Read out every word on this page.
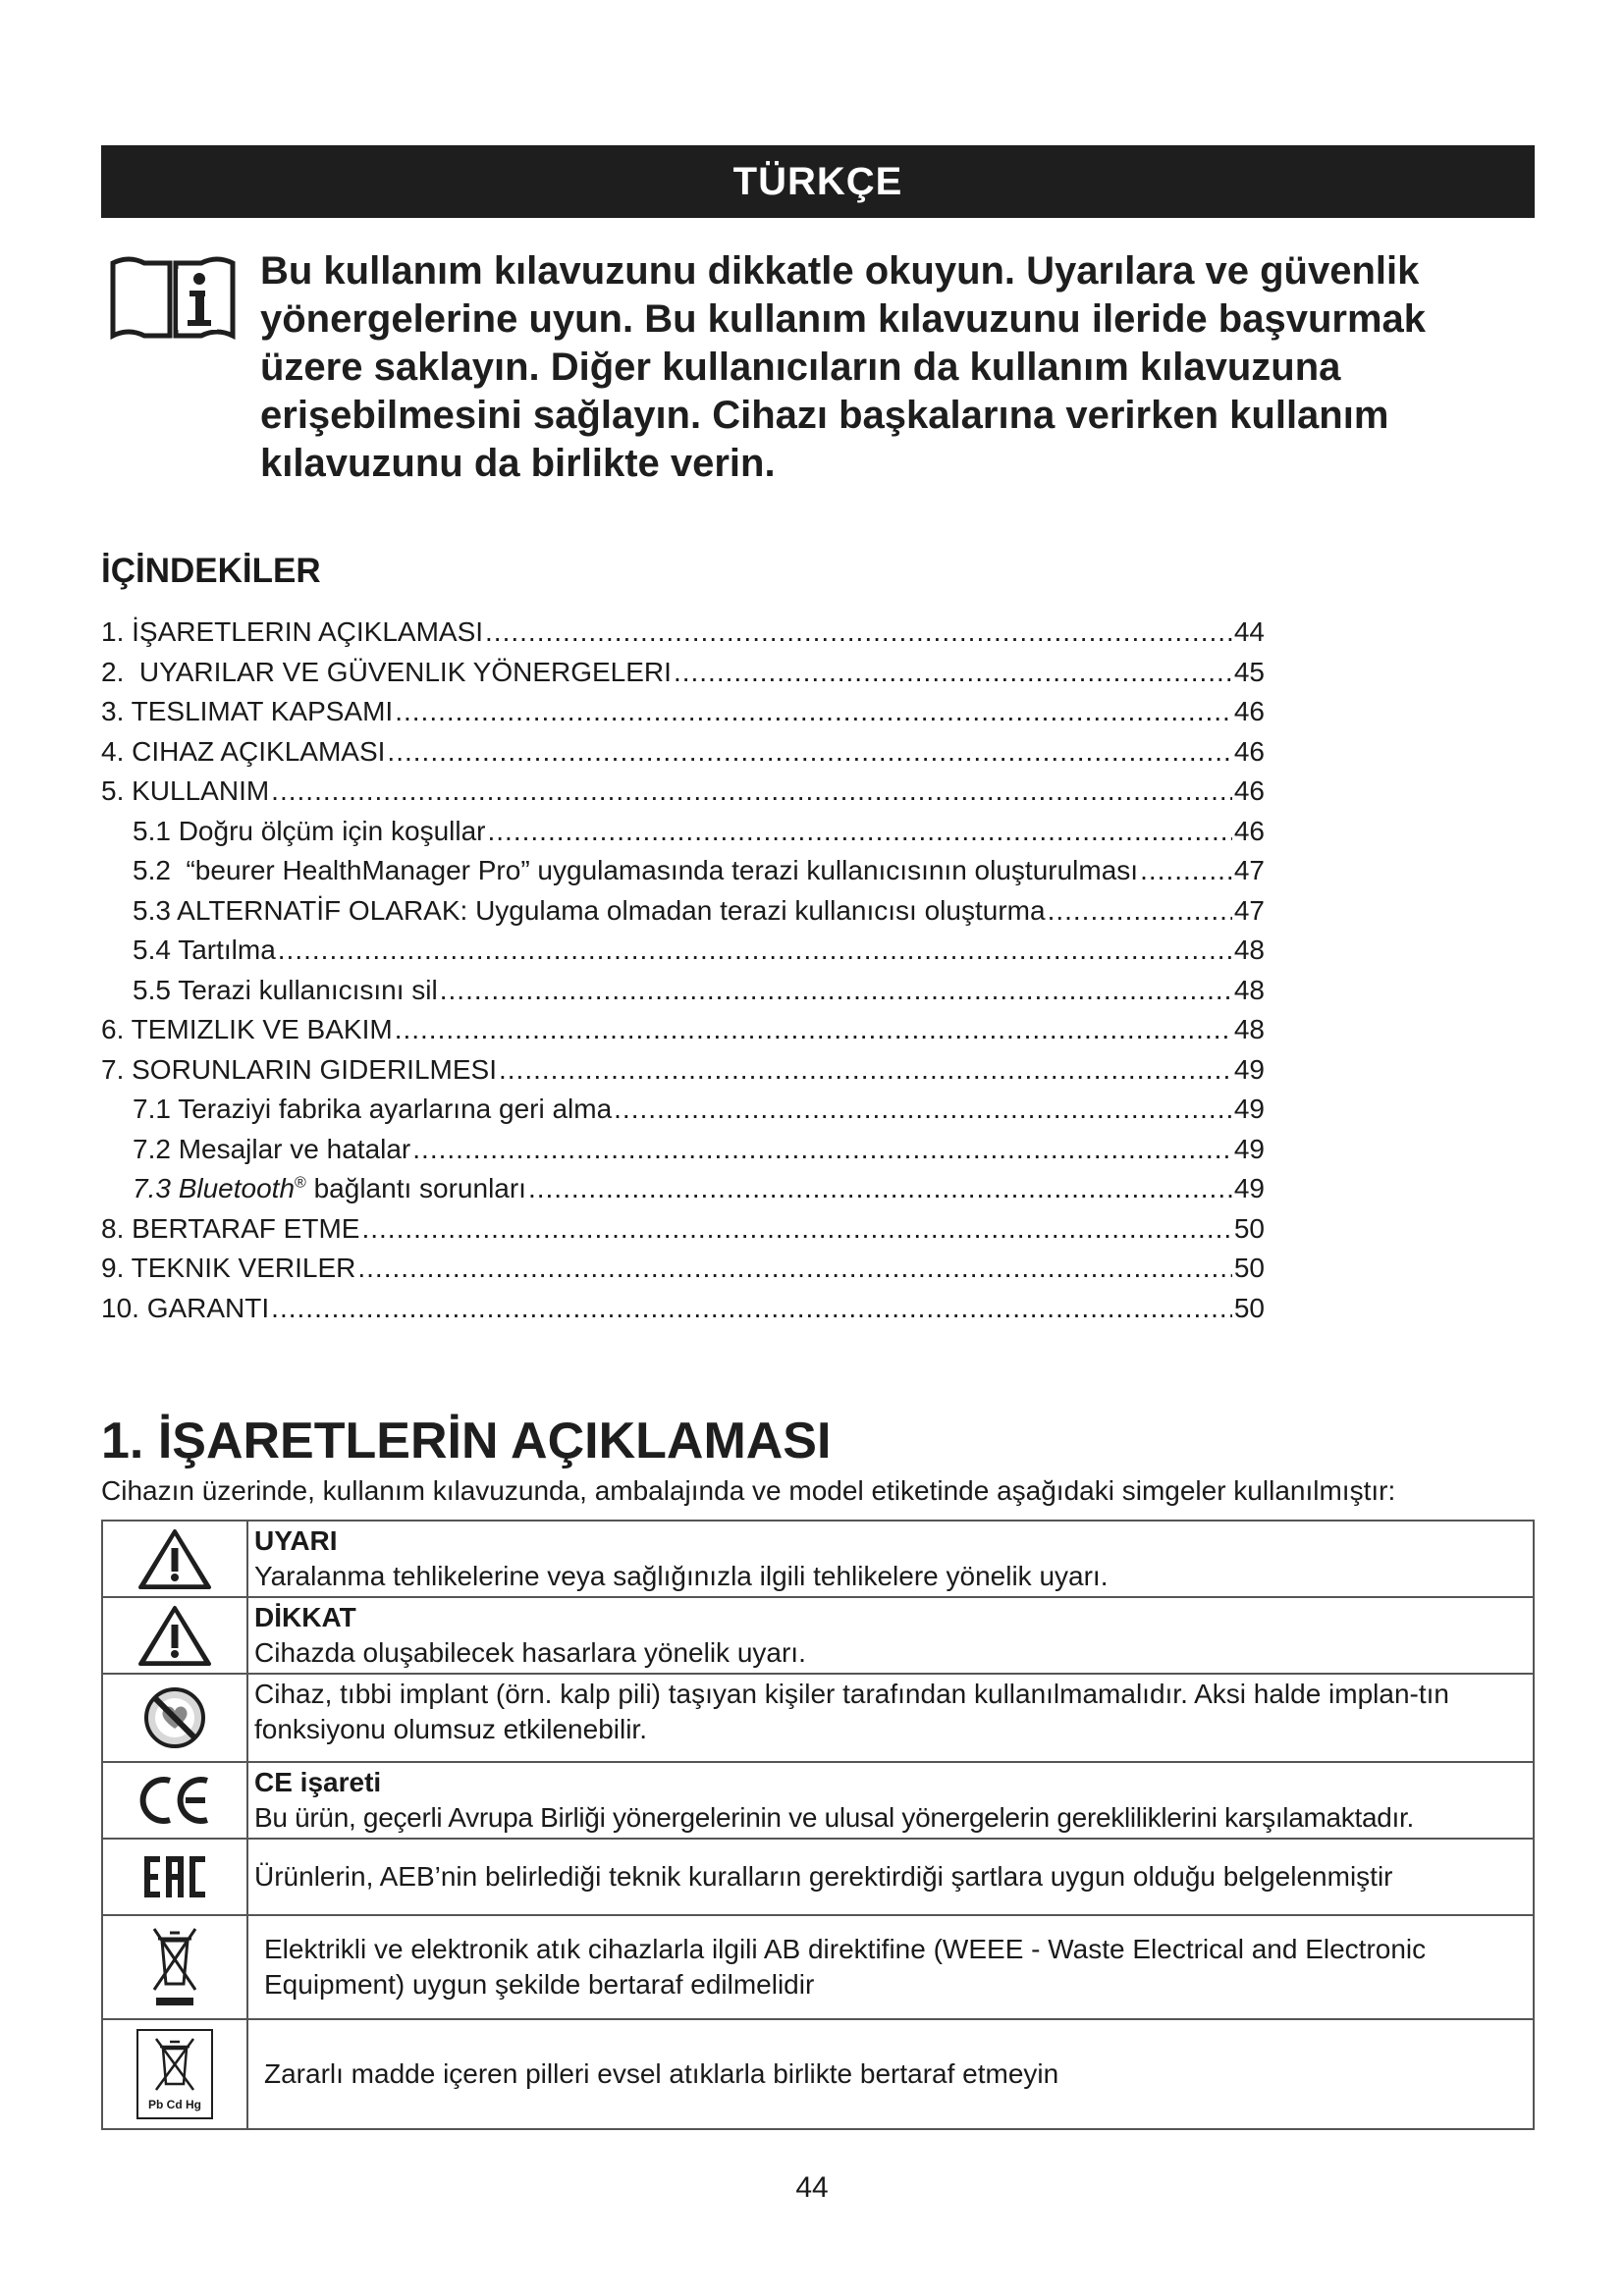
TÜRKÇE
Bu kullanım kılavuzunu dikkatle okuyun. Uyarılara ve güvenlik yönergelerine uyun. Bu kullanım kılavuzunu ileride başvurmak üzere saklayın. Diğer kullanıcıların da kullanım kılavuzuna erişebilmesini sağlayın. Cihazı başkalarına verirken kullanım kılavuzunu da birlikte verin.
İÇİNDEKİLER
1. İŞARETLERIN AÇIKLAMASI .....	44
2.  UYARILAR VE GÜVENLIK YÖNERGELERI .....	45
3. TESLIMAT KAPSAMI .....	46
4. CIHAZ AÇIKLAMASI .....	46
5. KULLANIM .....	46
5.1 Doğru ölçüm için koşullar .....	46
5.2  “beurer HealthManager Pro” uygulamasında terazi kullanıcısının oluşturulması .....	47
5.3 ALTERNATİF OLARAK: Uygulama olmadan terazi kullanıcısı oluşturma .....	47
5.4 Tartılma .....	48
5.5 Terazi kullanıcısını sil .....	48
6. TEMIZLIK VE BAKIM .....	48
7. SORUNLARIN GIDERILMESI .....	49
7.1 Teraziyi fabrika ayarlarına geri alma .....	49
7.2 Mesajlar ve hatalar .....	49
7.3 Bluetooth® bağlantı sorunları .....	49
8. BERTARAF ETME .....	50
9. TEKNIK VERILER .....	50
10. GARANTI .....	50
1. İŞARETLERİN AÇIKLAMASI
Cihazın üzerinde, kullanım kılavuzunda, ambalajında ve model etiketinde aşağıdaki simgeler kullanılmıştır:

UYARI
Yaralanma tehlikelerine veya sağlığınızla ilgili tehlikelere yönelik uyarı.

DİKKAT
Cihazda oluşabilecek hasarlara yönelik uyarı.

Cihaz, tıbbi implant (örn. kalp pili) taşıyan kişiler tarafından kullanılmamalıdır. Aksi halde implan-tın fonksiyonu olumsuz etkilenebilir.

CE işareti
Bu ürün, geçerli Avrupa Birliği yönergelerinin ve ulusal yönergelerin gerekliliklerini karşılamaktadır.

Ürünlerin, AEB’nin belirlediği teknik kuralların gerektirdiği şartlara uygun olduğu belgelenmiştir

Elektrikli ve elektronik atık cihazlarla ilgili AB direktifine (WEEE - Waste Electrical and Electronic Equipment) uygun şekilde bertaraf edilmelidir

Pb Cd Hg	Zararlı madde içeren pilleri evsel atıklarla birlikte bertaraf etmeyin
44
